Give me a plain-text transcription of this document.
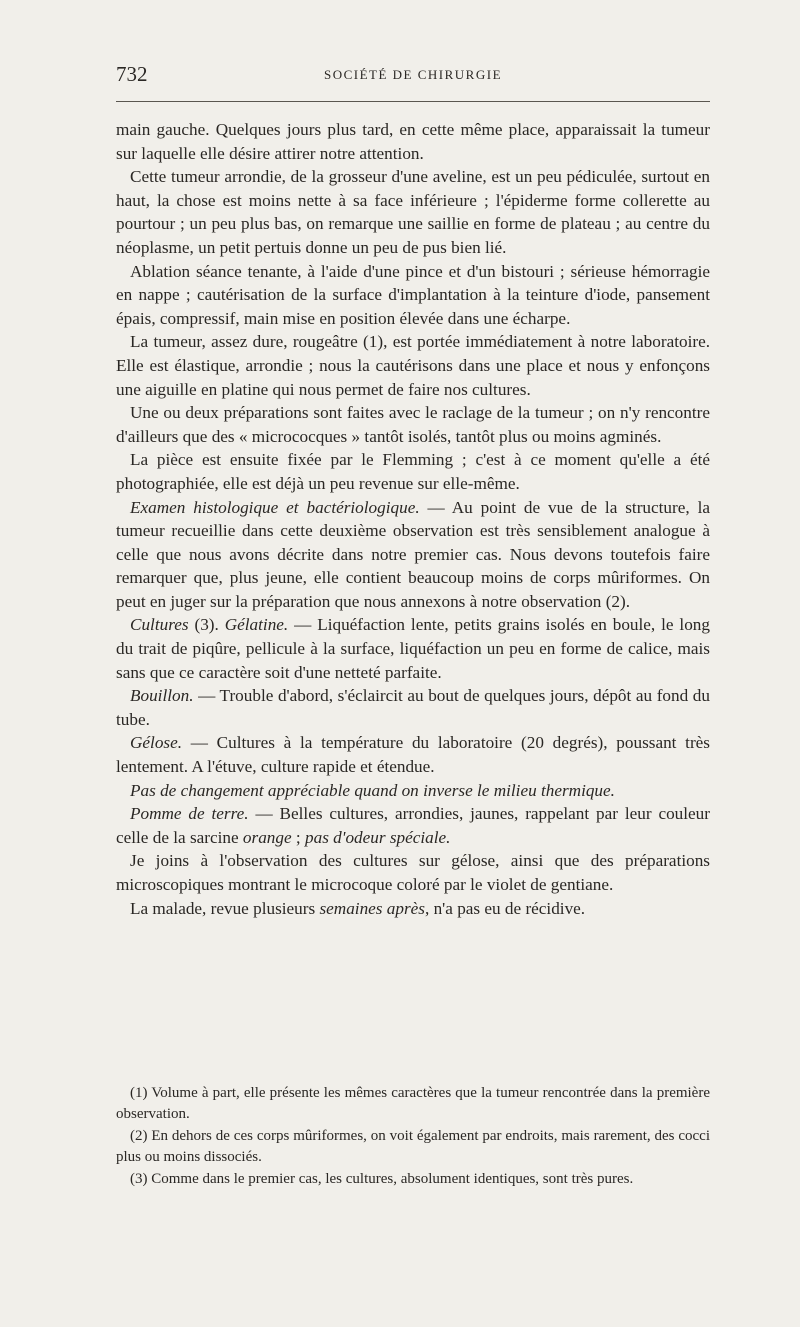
732	SOCIÉTÉ DE CHIRURGIE

main gauche. Quelques jours plus tard, en cette même place, apparaissait la tumeur sur laquelle elle désire attirer notre attention.

Cette tumeur arrondie, de la grosseur d'une aveline, est un peu pédiculée, surtout en haut, la chose est moins nette à sa face inférieure ; l'épiderme forme collerette au pourtour ; un peu plus bas, on remarque une saillie en forme de plateau ; au centre du néoplasme, un petit pertuis donne un peu de pus bien lié.

Ablation séance tenante, à l'aide d'une pince et d'un bistouri ; sérieuse hémorragie en nappe ; cautérisation de la surface d'implantation à la teinture d'iode, pansement épais, compressif, main mise en position élevée dans une écharpe.

La tumeur, assez dure, rougeâtre (1), est portée immédiatement à notre laboratoire. Elle est élastique, arrondie ; nous la cautérisons dans une place et nous y enfonçons une aiguille en platine qui nous permet de faire nos cultures.

Une ou deux préparations sont faites avec le raclage de la tumeur ; on n'y rencontre d'ailleurs que des « micrococques » tantôt isolés, tantôt plus ou moins agminés.

La pièce est ensuite fixée par le Flemming ; c'est à ce moment qu'elle a été photographiée, elle est déjà un peu revenue sur elle-même.

Examen histologique et bactériologique. — Au point de vue de la structure, la tumeur recueillie dans cette deuxième observation est très sensiblement analogue à celle que nous avons décrite dans notre premier cas. Nous devons toutefois faire remarquer que, plus jeune, elle contient beaucoup moins de corps mûriformes. On peut en juger sur la préparation que nous annexons à notre observation (2).

Cultures (3). Gélatine. — Liquéfaction lente, petits grains isolés en boule, le long du trait de piqûre, pellicule à la surface, liquéfaction un peu en forme de calice, mais sans que ce caractère soit d'une netteté parfaite.

Bouillon. — Trouble d'abord, s'éclaircit au bout de quelques jours, dépôt au fond du tube.

Gélose. — Cultures à la température du laboratoire (20 degrés), poussant très lentement. A l'étuve, culture rapide et étendue.

Pas de changement appréciable quand on inverse le milieu thermique.

Pomme de terre. — Belles cultures, arrondies, jaunes, rappelant par leur couleur celle de la sarcine orange ; pas d'odeur spéciale.

Je joins à l'observation des cultures sur gélose, ainsi que des préparations microscopiques montrant le microcoque coloré par le violet de gentiane.

La malade, revue plusieurs semaines après, n'a pas eu de récidive.

(1) Volume à part, elle présente les mêmes caractères que la tumeur rencontrée dans la première observation.

(2) En dehors de ces corps mûriformes, on voit également par endroits, mais rarement, des cocci plus ou moins dissociés.

(3) Comme dans le premier cas, les cultures, absolument identiques, sont très pures.
